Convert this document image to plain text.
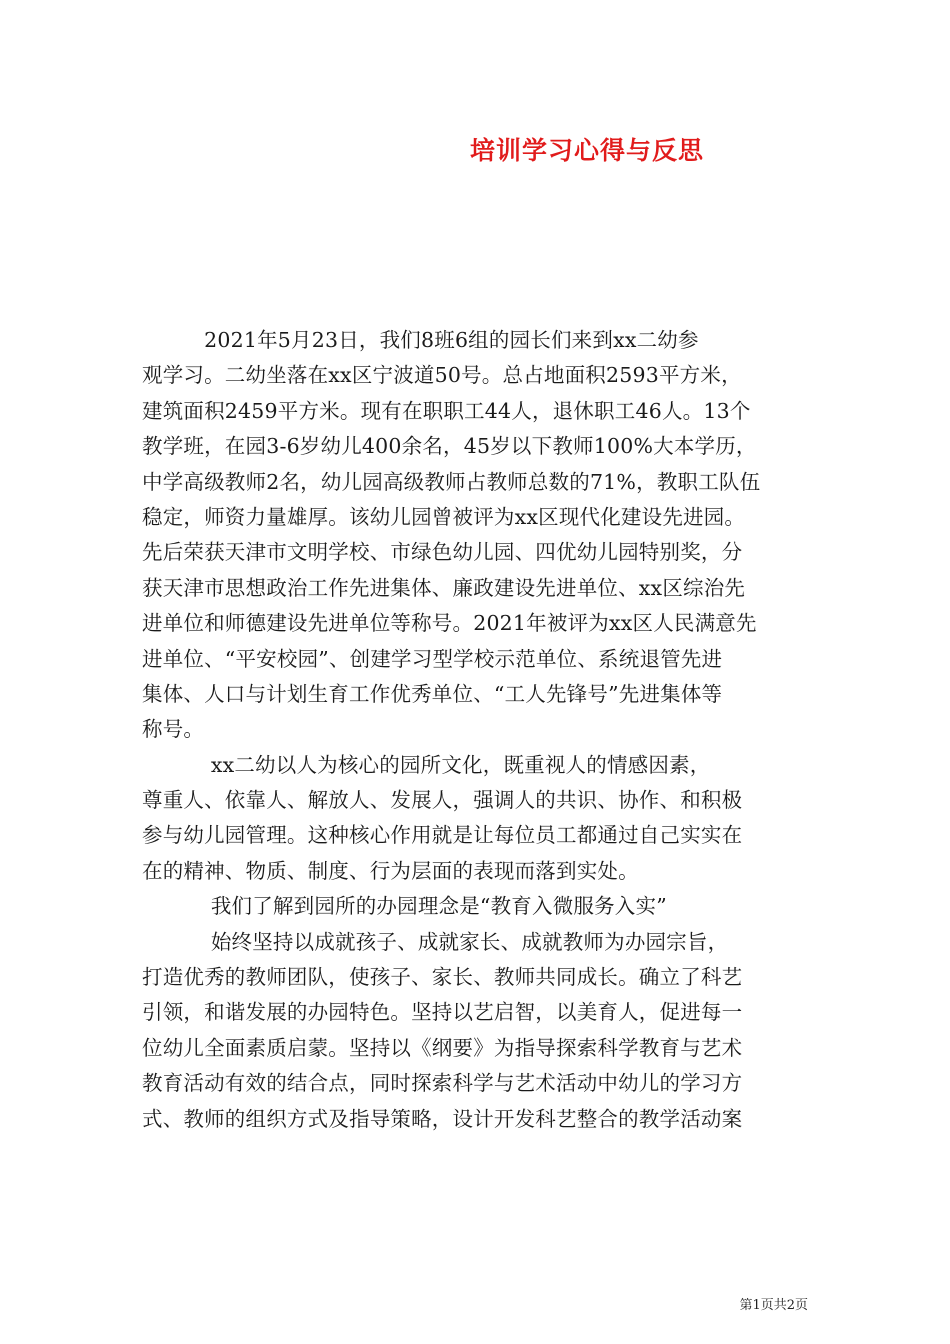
培训学习心得与反思
　　　2021年5月23日，我们8班6组的园长们来到xx二幼参
观学习。二幼坐落在xx区宁波道50号。总占地面积2593平方米，
建筑面积2459平方米。现有在职职工44人，退休职工46人。13个
教学班，在园3-6岁幼儿400余名，45岁以下教师100%大本学历，
中学高级教师2名，幼儿园高级教师占教师总数的71%，教职工队伍
稳定，师资力量雄厚。该幼儿园曾被评为xx区现代化建设先进园。
先后荣获天津市文明学校、市绿色幼儿园、四优幼儿园特别奖，分
获天津市思想政治工作先进集体、廉政建设先进单位、xx区综治先
进单位和师德建设先进单位等称号。2021年被评为xx区人民满意先
进单位、“平安校园”、创建学习型学校示范单位、系统退管先进
集体、人口与计划生育工作优秀单位、“工人先锋号”先进集体等
称号。
　　　 xx二幼以人为核心的园所文化，既重视人的情感因素，
尊重人、依靠人、解放人、发展人，强调人的共识、协作、和积极
参与幼儿园管理。这种核心作用就是让每位员工都通过自己实实在
在的精神、物质、制度、行为层面的表现而落到实处。
　　　 我们了解到园所的办园理念是“教育入微服务入实”
　　　 始终坚持以成就孩子、成就家长、成就教师为办园宗旨，
打造优秀的教师团队，使孩子、家长、教师共同成长。确立了科艺
引领，和谐发展的办园特色。坚持以艺启智，以美育人，促进每一
位幼儿全面素质启蒙。坚持以《纲要》为指导探索科学教育与艺术
教育活动有效的结合点，同时探索科学与艺术活动中幼儿的学习方
式、教师的组织方式及指导策略，设计开发科艺整合的教学活动案
第1页共2页
